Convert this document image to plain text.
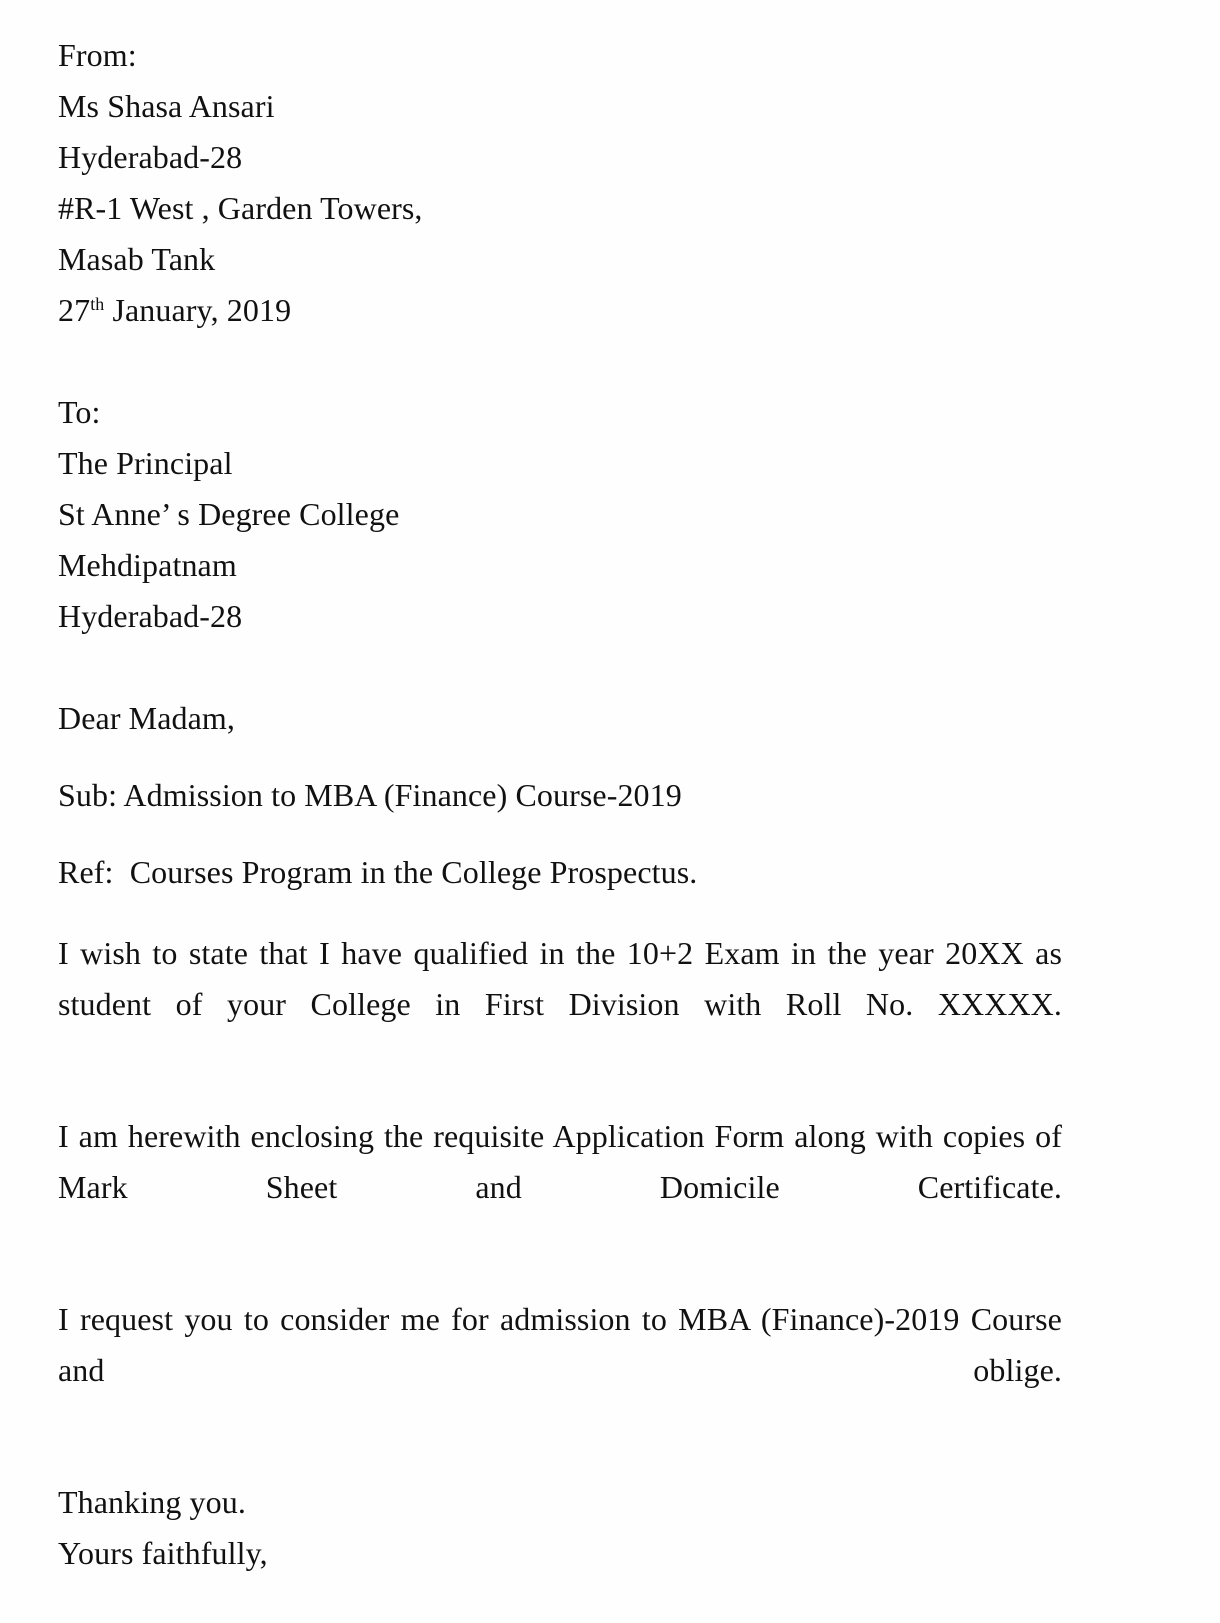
From:
Ms Shasa Ansari
Hyderabad-28
#R-1 West , Garden Towers,
Masab Tank
27th January, 2019
To:
The Principal
St Anne’ s Degree College
Mehdipatnam
Hyderabad-28
Dear Madam,
Sub: Admission to MBA (Finance) Course-2019
Ref:  Courses Program in the College Prospectus.

I wish to state that I have qualified in the 10+2 Exam in the year 20XX as student of your College in First Division with Roll No. XXXXX.

I am herewith enclosing the requisite Application Form along with copies of Mark Sheet and Domicile Certificate.

I request you to consider me for admission to MBA (Finance)-2019 Course and oblige.

Thanking you.
Yours faithfully,
